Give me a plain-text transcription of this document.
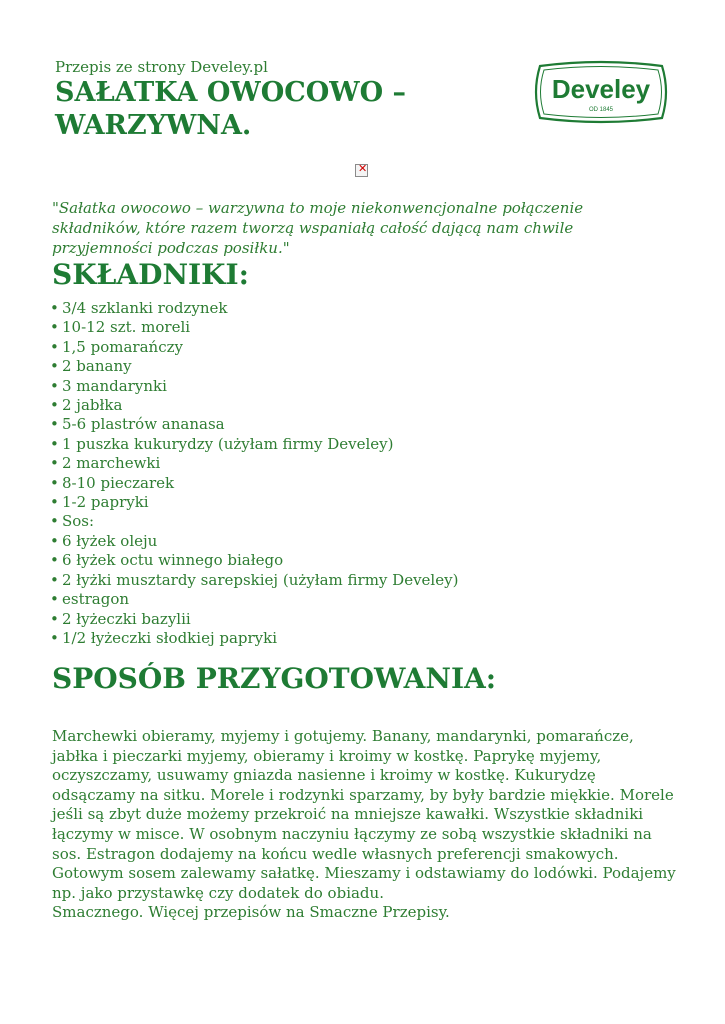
Przepis ze strony Develey.pl
SAŁATKA OWOCOWO – WARZYWNA.
Develey
OD 1845
✕

"Sałatka owocowo – warzywna to moje niekonwencjonalne połączenie składników, które razem tworzą wspaniałą całość dającą nam chwile przyjemności podczas posiłku."

SKŁADNIKI:
• 3/4 szklanki rodzynek
• 10-12 szt. moreli
• 1,5 pomarańczy
• 2 banany
• 3 mandarynki
• 2 jabłka
• 5-6 plastrów ananasa
• 1 puszka kukurydzy (użyłam firmy Develey)
• 2 marchewki
• 8-10 pieczarek
• 1-2 papryki
• Sos:
• 6 łyżek oleju
• 6 łyżek octu winnego białego
• 2 łyżki musztardy sarepskiej (użyłam firmy Develey)
• estragon
• 2 łyżeczki bazylii
• 1/2 łyżeczki słodkiej papryki
SPOSÓB PRZYGOTOWANIA:

Marchewki obieramy, myjemy i gotujemy. Banany, mandarynki, pomarańcze, jabłka i pieczarki myjemy, obieramy i kroimy w kostkę. Paprykę myjemy, oczyszczamy, usuwamy gniazda nasienne i kroimy w kostkę. Kukurydzę odsączamy na sitku. Morele i rodzynki sparzamy, by były bardzie miękkie. Morele jeśli są zbyt duże możemy przekroić na mniejsze kawałki. Wszystkie składniki łączymy w misce. W osobnym naczyniu łączymy ze sobą wszystkie składniki na sos. Estragon dodajemy na końcu wedle własnych preferencji smakowych. Gotowym sosem zalewamy sałatkę. Mieszamy i odstawiamy do lodówki. Podajemy np. jako przystawkę czy dodatek do obiadu.

Smacznego. Więcej przepisów na Smaczne Przepisy.
